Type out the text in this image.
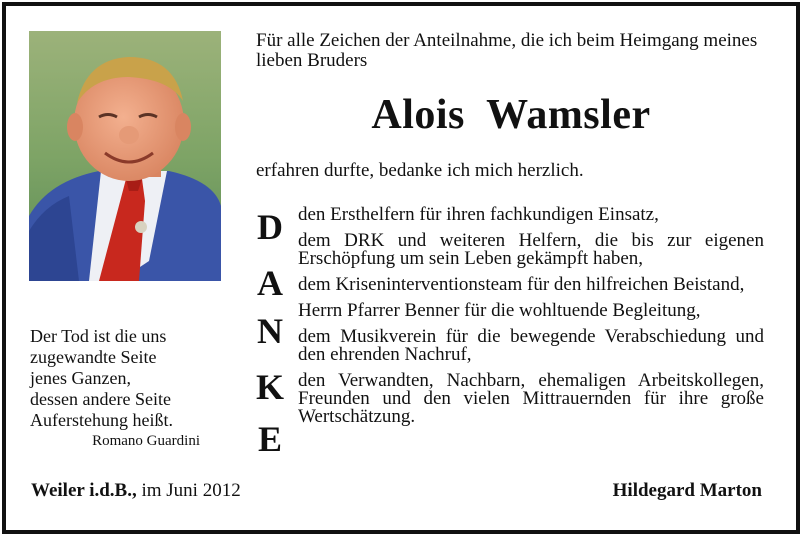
Der Tod ist die uns
zugewandte Seite
jenes Ganzen,
dessen andere Seite
Auferstehung heißt.
Romano Guardini
Für alle Zeichen der Anteilnahme, die ich beim Heimgang meines lieben Bruders
Alois  Wamsler
erfahren durfte, bedanke ich mich herzlich.
D
A
N
K
E

den Ersthelfern für ihren fachkundigen Einsatz,

dem DRK und weiteren Helfern, die bis zur eigenen Erschöpfung um sein Leben gekämpft haben,

dem Kriseninterventionsteam für den hilfreichen Beistand,

Herrn Pfarrer Benner für die wohltuende Begleitung,

dem Musikverein für die bewegende Verabschiedung und den ehrenden Nachruf,

den Verwandten, Nachbarn, ehemaligen Arbeitskollegen, Freunden und den vielen Mittrauernden für ihre große Wertschätzung.

Weiler i.d.B., im Juni 2012	Hildegard Marton
